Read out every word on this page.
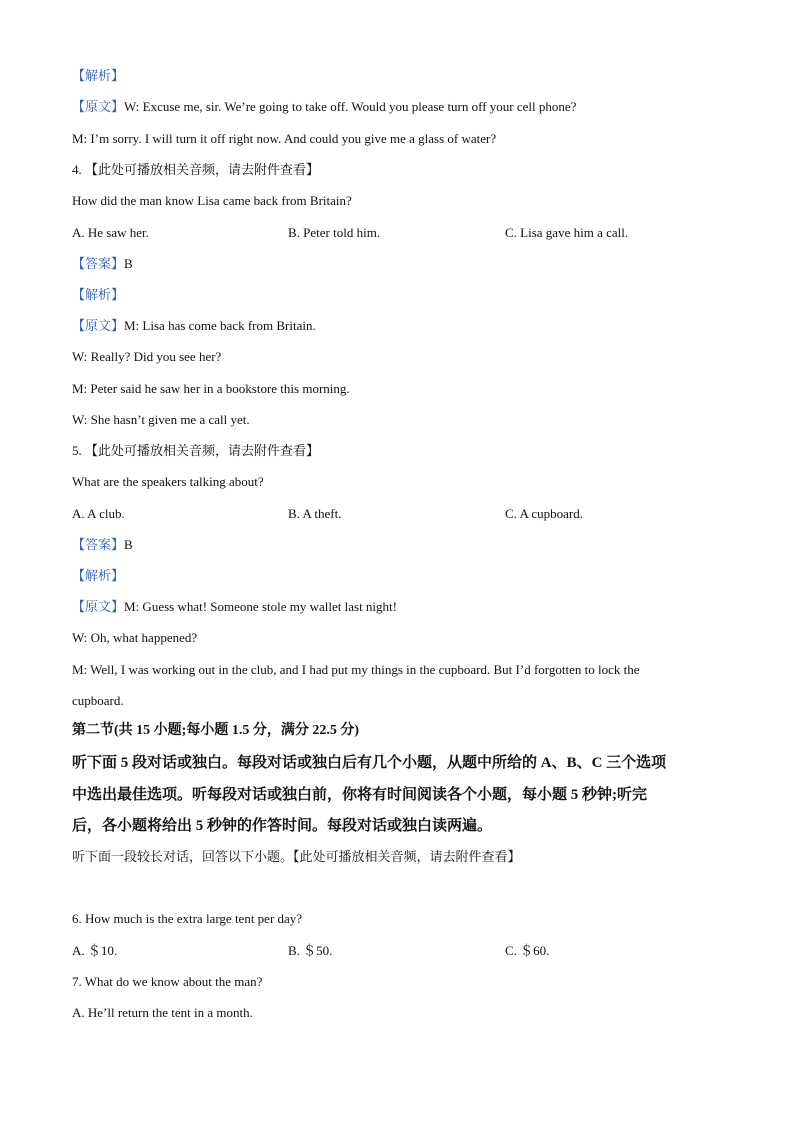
【解析】
【原文】W: Excuse me, sir. We’re going to take off. Would you please turn off your cell phone?
M: I’m sorry. I will turn it off right now. And could you give me a glass of water?
4. 【此处可播放相关音频，请去附件查看】
How did the man know Lisa came back from Britain?
A. He saw her.	B. Peter told him.	C. Lisa gave him a call.
【答案】B
【解析】
【原文】M: Lisa has come back from Britain.
W: Really? Did you see her?
M: Peter said he saw her in a bookstore this morning.
W: She hasn’t given me a call yet.
5. 【此处可播放相关音频，请去附件查看】
What are the speakers talking about?
A. A club.	B. A theft.	C. A cupboard.
【答案】B
【解析】
【原文】M: Guess what! Someone stole my wallet last night!
W: Oh, what happened?
M: Well, I was working out in the club, and I had put my things in the cupboard. But I’d forgotten to lock the
cupboard.
第二节(共 15 小题;每小题 1.5 分，满分 22.5 分)
听下面 5 段对话或独白。每段对话或独白后有几个小题，从题中所给的 A、B、C 三个选项
中选出最佳选项。听每段对话或独白前，你将有时间阅读各个小题，每小题 5 秒钟;听完
后，各小题将给出 5 秒钟的作答时间。每段对话或独白读两遍。
听下面一段较长对话，回答以下小题。【此处可播放相关音频，请去附件查看】
6. How much is the extra large tent per day?
A. ＄10.	B. ＄50.	C. ＄60.
7. What do we know about the man?
A. He’ll return the tent in a month.
